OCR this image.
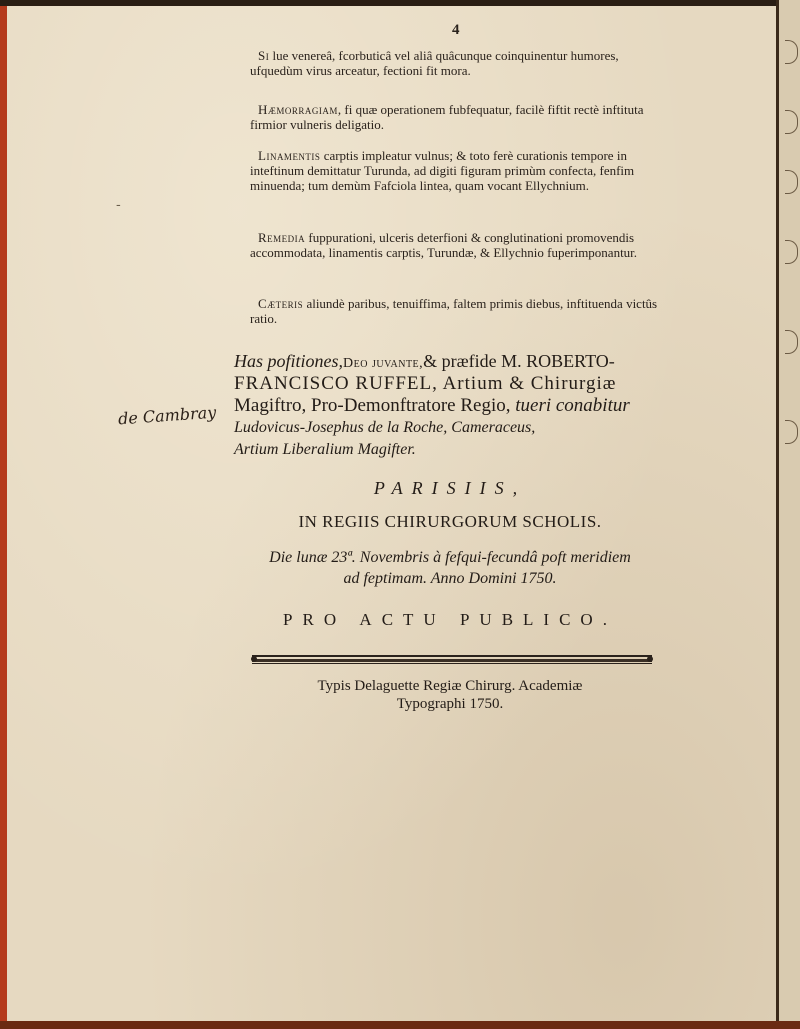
4
-
Si lue venereâ, fcorbuticâ vel aliâ quâcunque coinquinentur humores, ufquedùm virus arceatur, fectioni fit mora.
Hæmorragiam, fi quæ operationem fubfequatur, facilè fiftit rectè inftituta firmior vulneris deligatio.
Linamentis carptis impleatur vulnus; & toto ferè curationis tempore in inteftinum demittatur Turunda, ad digiti figuram primùm confecta, fenfim minuenda; tum demùm Fafciola lintea, quam vocant Ellychnium.
Remedia fuppurationi, ulceris deterfioni & conglutinationi promovendis accommodata, linamentis carptis, Turundæ, & Ellychnio fuperimponantur.
Cæteris aliundè paribus, tenuiffima, faltem primis diebus, inftituenda victûs ratio.
Has pofitiones,Deo juvante,& præfide M. ROBERTO-
FRANCISCO RUFFEL, Artium & Chirurgiæ
Magiftro, Pro-Demonftratore Regio, tueri conabitur
Ludovicus-Josephus de la Roche, Cameraceus,
Artium Liberalium Magifter.
de Cambray
PARISIIS,
IN REGIIS CHIRURGORUM SCHOLIS.
Die lunæ 23ª. Novembris à fefqui-fecundâ poft meridiem
ad feptimam. Anno Domini 1750.
PRO ACTU PUBLICO.
Typis Delaguette Regiæ Chirurg. Academiæ
Typographi 1750.
